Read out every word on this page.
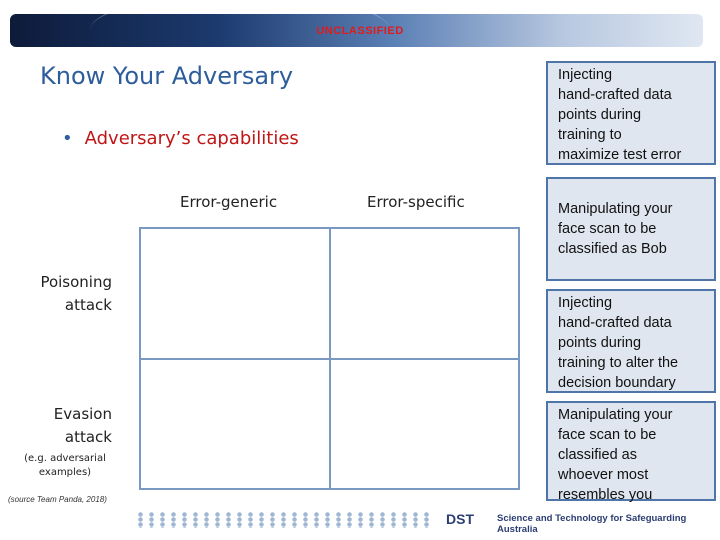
UNCLASSIFIED
Know Your Adversary
• Adversary’s capabilities
Error-generic	Error-specific
Poisoning
attack
Evasion
attack
(e.g. adversarial
examples)
Injecting
hand-crafted data
points during
training to
maximize test error
Manipulating your
face scan to be
classified as Bob
Injecting
hand-crafted data
points during
training to alter the
decision boundary
Manipulating your
face scan to be
classified as
whoever most
resembles you
(source Team Panda, 2018)
DST Science and Technology for Safeguarding Australia
